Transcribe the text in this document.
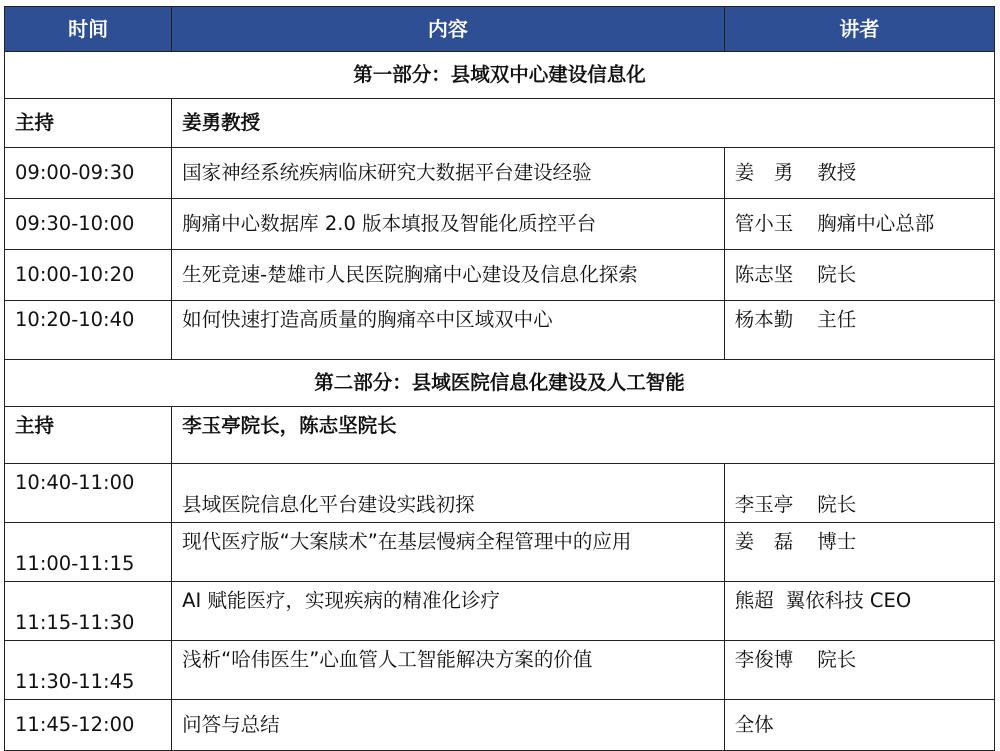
时间	内容	讲者
第一部分：县域双中心建设信息化		
主持	姜勇教授	
09:00-09:30	国家神经系统疾病临床研究大数据平台建设经验	姜　勇 教授
09:30-10:00	胸痛中心数据库 2.0 版本填报及智能化质控平台	管小玉 胸痛中心总部
10:00-10:20	生死竞速-楚雄市人民医院胸痛中心建设及信息化探索	陈志坚 院长
10:20-10:40	如何快速打造高质量的胸痛卒中区域双中心	杨本勤 主任
第二部分：县域医院信息化建设及人工智能		
主持	李玉亭院长，陈志坚院长	
10:40-11:00	县域医院信息化平台建设实践初探	李玉亭 院长
11:00-11:15	现代医疗版“大案牍术”在基层慢病全程管理中的应用	姜　磊 博士
11:15-11:30	AI 赋能医疗，实现疾病的精准化诊疗	熊超 翼依科技 CEO
11:30-11:45	浅析“哈伟医生”心血管人工智能解决方案的价值	李俊博 院长
11:45-12:00	问答与总结	全体
